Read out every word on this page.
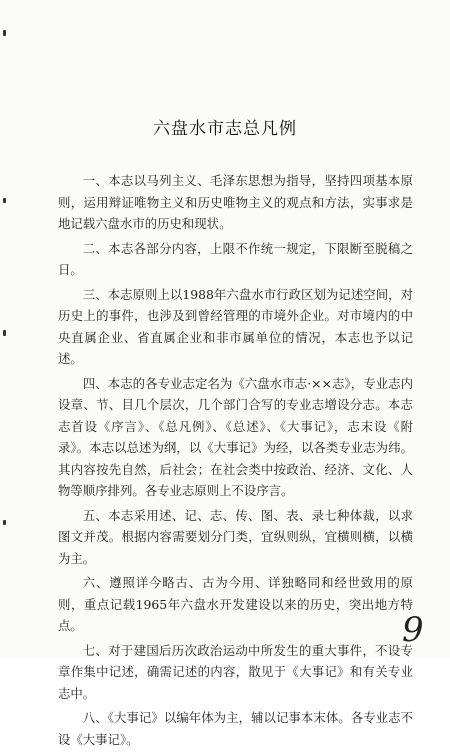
六盘水市志总凡例

一、本志以马列主义、毛泽东思想为指导，坚持四项基本原则，运用辩证唯物主义和历史唯物主义的观点和方法，实事求是地记载六盘水市的历史和现状。

二、本志各部分内容，上限不作统一规定，下限断至脱稿之日。

三、本志原则上以1988年六盘水市行政区划为记述空间，对历史上的事件，也涉及到曾经管理的市境外企业。对市境内的中央直属企业、省直属企业和非市属单位的情况，本志也予以记述。

四、本志的各专业志定名为《六盘水市志·××志》，专业志内设章、节、目几个层次，几个部门合写的专业志增设分志。本志志首设《序言》、《总凡例》、《总述》、《大事记》，志末设《附录》。本志以总述为纲，以《大事记》为经，以各类专业志为纬。其内容按先自然，后社会；在社会类中按政治、经济、文化、人物等顺序排列。各专业志原则上不设序言。

五、本志采用述、记、志、传、图、表、录七种体裁，以求图文并茂。根据内容需要划分门类，宜纵则纵，宜横则横，以横为主。

六、遵照详今略古、古为今用、详独略同和经世致用的原则，重点记载1965年六盘水开发建设以来的历史，突出地方特点。

七、对于建国后历次政治运动中所发生的重大事件，不设专章作集中记述，确需记述的内容，散见于《大事记》和有关专业志中。

八、《大事记》以编年体为主，辅以记事本末体。各专业志不设《大事记》。

9
